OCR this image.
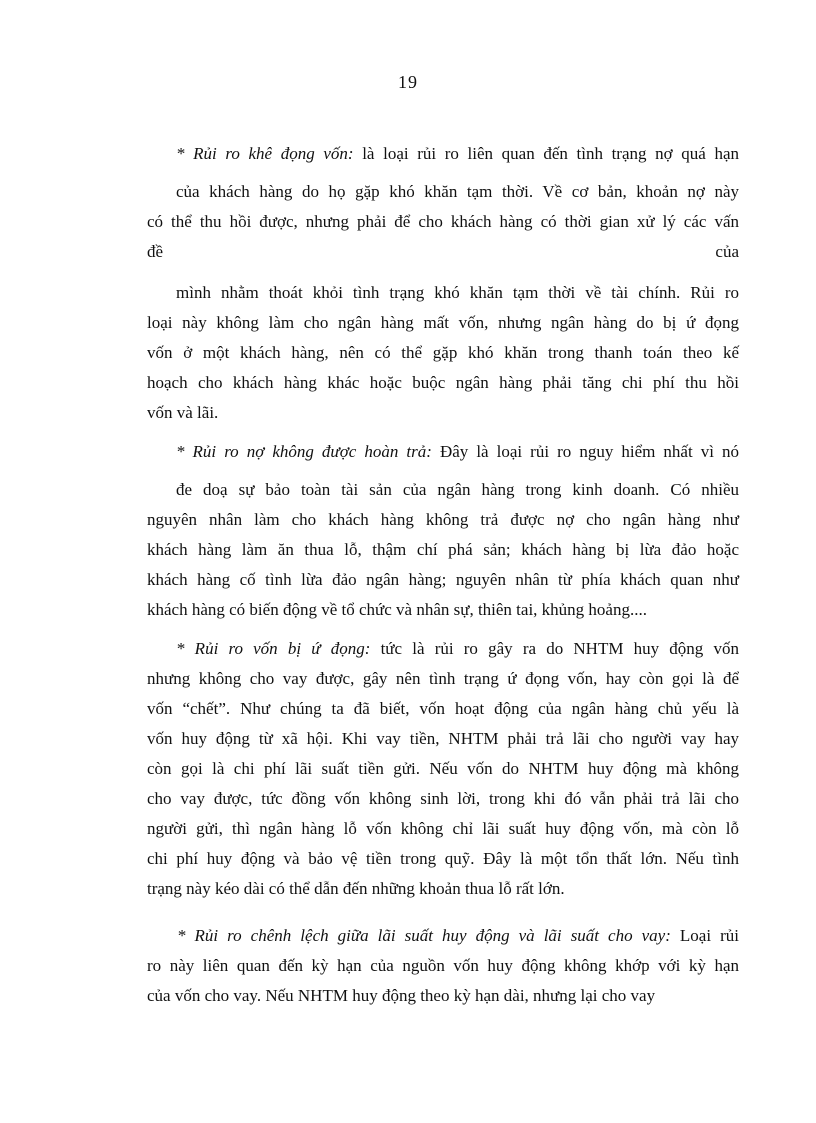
19
* Rủi ro khê đọng vốn: là loại rủi ro liên quan đến tình trạng nợ quá hạn
của khách hàng do họ gặp khó khăn tạm thời. Về cơ bản, khoản nợ này
có thể thu hồi được, nhưng phải để cho khách hàng có thời gian xử lý các vấn
đề	của
mình nhằm thoát khỏi tình trạng khó khăn tạm thời về tài chính. Rủi ro
loại này không làm cho ngân hàng mất vốn, nhưng ngân hàng do bị ứ đọng
vốn ở một khách hàng, nên có thể gặp khó khăn trong thanh toán theo kế
hoạch cho khách hàng khác hoặc buộc ngân hàng phải tăng chi phí thu hồi
vốn và lãi.
* Rủi ro nợ không được hoàn trả: Đây là loại rủi ro nguy hiểm nhất vì nó
đe doạ sự bảo toàn tài sản của ngân hàng trong kinh doanh. Có nhiều
nguyên nhân làm cho khách hàng không trả được nợ cho ngân hàng như
khách hàng làm ăn thua lỗ, thậm chí phá sản; khách hàng bị lừa đảo hoặc
khách hàng cố tình lừa đảo ngân hàng; nguyên nhân từ phía khách quan như
khách hàng có biến động về tổ chức và nhân sự, thiên tai, khủng hoảng....
* Rủi ro vốn bị ứ đọng: tức là rủi ro gây ra do NHTM huy động vốn
nhưng không cho vay được, gây nên tình trạng ứ đọng vốn, hay còn gọi là để
vốn “chết”. Như chúng ta đã biết, vốn hoạt động của ngân hàng chủ yếu là
vốn huy động từ xã hội. Khi vay tiền, NHTM phải trả lãi cho người vay hay
còn gọi là chi phí lãi suất tiền gửi. Nếu vốn do NHTM huy động mà không
cho vay được, tức đồng vốn không sinh lời, trong khi đó vẫn phải trả lãi cho
người gửi, thì ngân hàng lỗ vốn không chỉ lãi suất huy động vốn, mà còn lỗ
chi phí huy động và bảo vệ tiền trong quỹ. Đây là một tổn thất lớn. Nếu tình
trạng này kéo dài có thể dẫn đến những khoản thua lỗ rất lớn.
* Rủi ro chênh lệch giữa lãi suất huy động và lãi suất cho vay: Loại rủi
ro này liên quan đến kỳ hạn của nguồn vốn huy động không khớp với kỳ hạn
của vốn cho vay. Nếu NHTM huy động theo kỳ hạn dài, nhưng lại cho vay
